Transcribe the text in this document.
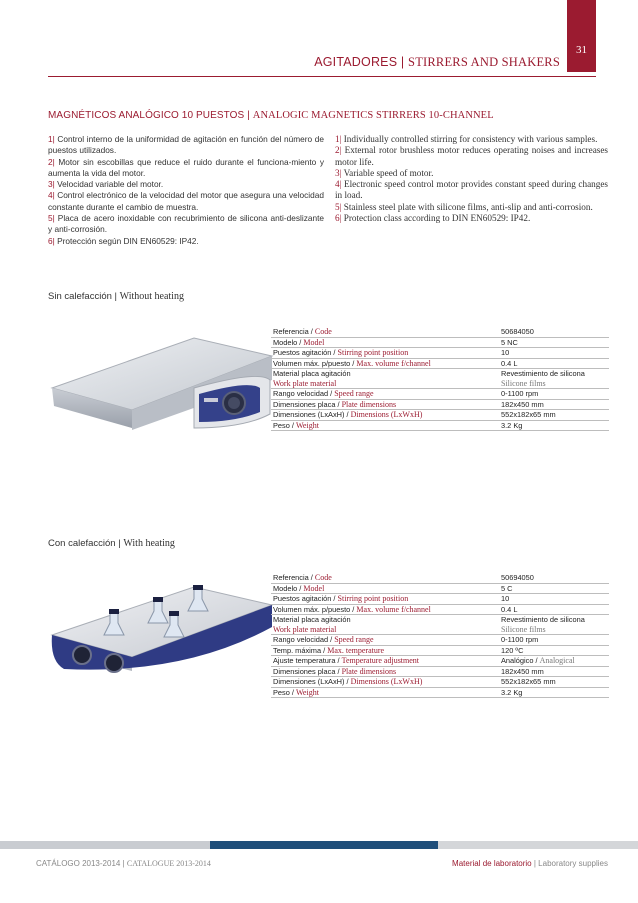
31
AGITADORES | STIRRERS AND SHAKERS
MAGNÉTICOS ANALÓGICO 10 PUESTOS | ANALOGIC MAGNETICS STIRRERS 10-CHANNEL

1| Control interno de la uniformidad de agitación en función del número de puestos utilizados.

2| Motor sin escobillas que reduce el ruido durante el funciona-miento y aumenta la vida del motor.

3| Velocidad variable del motor.

4| Control electrónico de la velocidad del motor que asegura una velocidad constante durante el cambio de muestra.

5| Placa de acero inoxidable con recubrimiento de silicona anti-deslizante y anti-corrosión.

6| Protección según DIN EN60529: IP42.

1| Individually controlled stirring for consistency with various samples.

2| External rotor brushless motor reduces operating noises and increases motor life.

3| Variable speed of motor.

4| Electronic speed control motor provides constant speed during changes in load.

5| Stainless steel plate with silicone films, anti-slip and anti-corrosion.

6| Protection class according to DIN EN60529: IP42.

Sin calefacción | Without heating
Referencia / Code	50684050
Modelo / Model	5 NC
Puestos agitación / Stirring point position	10
Volumen máx. p/puesto / Max. volume f/channel	0.4 L
Material placa agitación	Revestimiento de silicona
Work plate material	Silicone films
Rango velocidad / Speed range	0-1100 rpm
Dimensiones placa / Plate dimensions	182x450 mm
Dimensiones (LxAxH) / Dimensions (LxWxH)	552x182x65 mm
Peso / Weight	3.2 Kg
Con calefacción | With heating
Referencia / Code	50694050
Modelo / Model	5 C
Puestos agitación / Stirring point position	10
Volumen máx. p/puesto / Max. volume f/channel	0.4 L
Material placa agitación	Revestimiento de silicona
Work plate material	Silicone films
Rango velocidad / Speed range	0-1100 rpm
Temp. máxima / Max. temperature	120 ºC
Ajuste temperatura / Temperature adjustment	Analógico / Analogical
Dimensiones placa / Plate dimensions	182x450 mm
Dimensiones (LxAxH) / Dimensions (LxWxH)	552x182x65 mm
Peso / Weight	3.2 Kg
CATÁLOGO 2013-2014 | CATALOGUE 2013-2014	Material de laboratorio | Laboratory supplies
